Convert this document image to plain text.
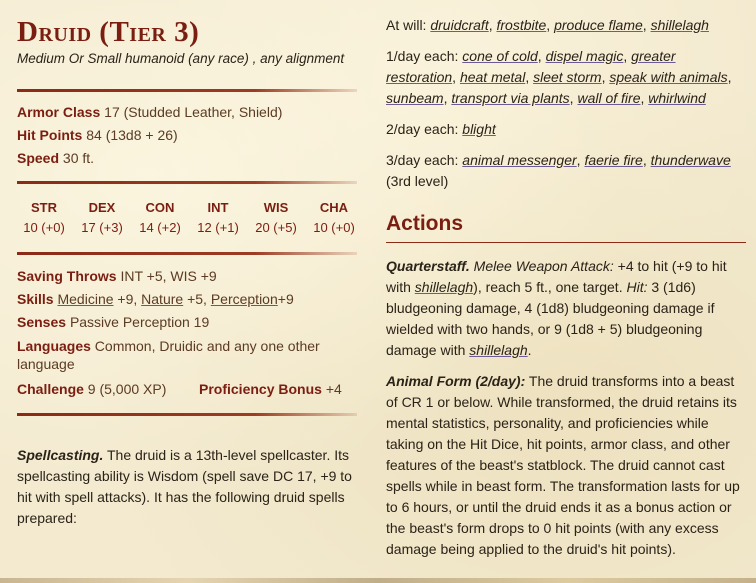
Druid (Tier 3)

Medium Or Small humanoid (any race) , any alignment

Armor Class 17 (Studded Leather, Shield)
Hit Points 84 (13d8 + 26)
Speed 30 ft.
STR
10 (+0)
DEX
17 (+3)
CON
14 (+2)
INT
12 (+1)
WIS
20 (+5)
CHA
10 (+0)
Saving Throws INT +5, WIS +9
Skills Medicine +9, Nature +5, Perception+9
Senses Passive Perception 19
Languages Common, Druidic and any one other language
Challenge 9 (5,000 XP)	Proficiency Bonus +4

Spellcasting. The druid is a 13th-level spellcaster. Its spellcasting ability is Wisdom (spell save DC 17, +9 to hit with spell attacks). It has the following druid spells prepared:

At will: druidcraft, frostbite, produce flame, shillelagh

1/day each: cone of cold, dispel magic, greater restoration, heat metal, sleet storm, speak with animals, sunbeam, transport via plants, wall of fire, whirlwind

2/day each: blight

3/day each: animal messenger, faerie fire, thunderwave
(3rd level)

Actions

Quarterstaff. Melee Weapon Attack: +4 to hit (+9 to hit with shillelagh), reach 5 ft., one target. Hit: 3 (1d6) bludgeoning damage, 4 (1d8) bludgeoning damage if wielded with two hands, or 9 (1d8 + 5) bludgeoning damage with shillelagh.

Animal Form (2/day): The druid transforms into a beast of CR 1 or below. While transformed, the druid retains its mental statistics, personality, and proficiencies while taking on the Hit Dice, hit points, armor class, and other features of the beast's statblock. The druid cannot cast spells while in beast form. The transformation lasts for up to 6 hours, or until the druid ends it as a bonus action or the beast's form drops to 0 hit points (with any excess damage being applied to the druid's hit points).
